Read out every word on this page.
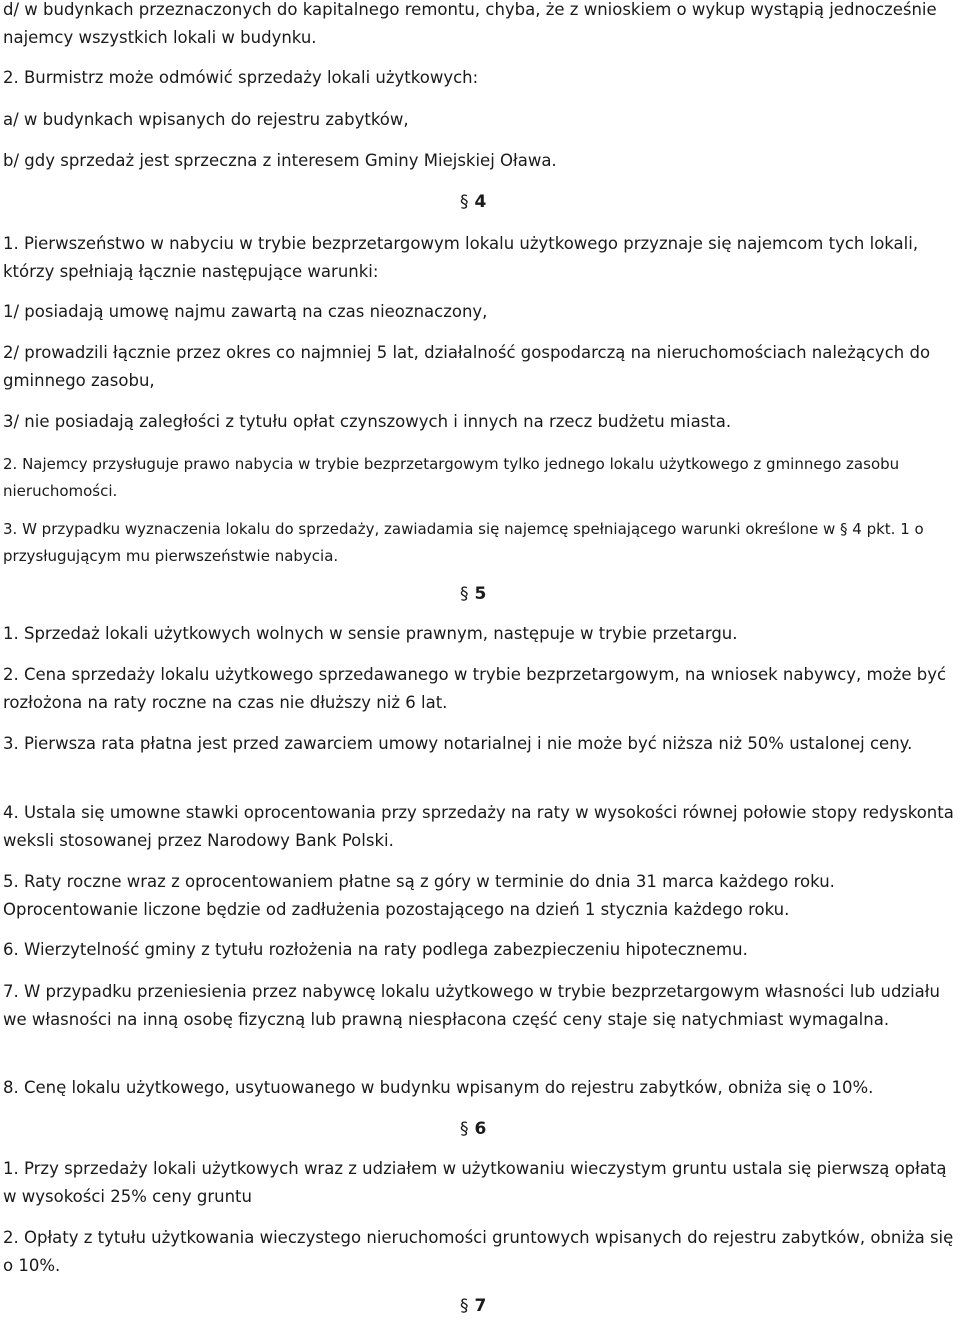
d/ w budynkach przeznaczonych do kapitalnego remontu, chyba, że z wnioskiem o wykup wystąpią jednocześnie najemcy wszystkich lokali w budynku.

2. Burmistrz może odmówić sprzedaży lokali użytkowych:

a/ w budynkach wpisanych do rejestru zabytków,

b/ gdy sprzedaż jest sprzeczna z interesem Gminy Miejskiej Oława.

§ 4

1. Pierwszeństwo w nabyciu w trybie bezprzetargowym lokalu użytkowego przyznaje się najemcom tych lokali, którzy spełniają łącznie następujące warunki:

1/ posiadają umowę najmu zawartą na czas nieoznaczony,

2/ prowadzili łącznie przez okres co najmniej 5 lat, działalność gospodarczą na nieruchomościach należących do gminnego zasobu,

3/ nie posiadają zaległości z tytułu opłat czynszowych i innych na rzecz budżetu miasta.

2. Najemcy przysługuje prawo nabycia w trybie bezprzetargowym tylko jednego lokalu użytkowego z gminnego zasobu nieruchomości.

3. W przypadku wyznaczenia lokalu do sprzedaży, zawiadamia się najemcę spełniającego warunki określone w § 4 pkt. 1 o przysługującym mu pierwszeństwie nabycia.

§ 5

1. Sprzedaż lokali użytkowych wolnych w sensie prawnym, następuje w trybie przetargu.

2. Cena sprzedaży lokalu użytkowego sprzedawanego w trybie bezprzetargowym, na wniosek nabywcy, może być rozłożona na raty roczne na czas nie dłuższy niż 6 lat.

3. Pierwsza rata płatna jest przed zawarciem umowy notarialnej i nie może być niższa niż 50% ustalonej ceny.

4. Ustala się umowne stawki oprocentowania przy sprzedaży na raty w wysokości równej połowie stopy redyskonta weksli stosowanej przez Narodowy Bank Polski.

5. Raty roczne wraz z oprocentowaniem płatne są z góry w terminie do dnia 31 marca każdego roku. Oprocentowanie liczone będzie od zadłużenia pozostającego na dzień 1 stycznia każdego roku.

6. Wierzytelność gminy z tytułu rozłożenia na raty podlega zabezpieczeniu hipotecznemu.

7. W przypadku przeniesienia przez nabywcę lokalu użytkowego w trybie bezprzetargowym własności lub udziału we własności na inną osobę fizyczną lub prawną niespłacona część ceny staje się natychmiast wymagalna.

8. Cenę lokalu użytkowego, usytuowanego w budynku wpisanym do rejestru zabytków, obniża się o 10%.

§ 6

1. Przy sprzedaży lokali użytkowych wraz z udziałem w użytkowaniu wieczystym gruntu ustala się pierwszą opłatą w wysokości 25% ceny gruntu

2. Opłaty z tytułu użytkowania wieczystego nieruchomości gruntowych wpisanych do rejestru zabytków, obniża się o 10%.

§ 7
